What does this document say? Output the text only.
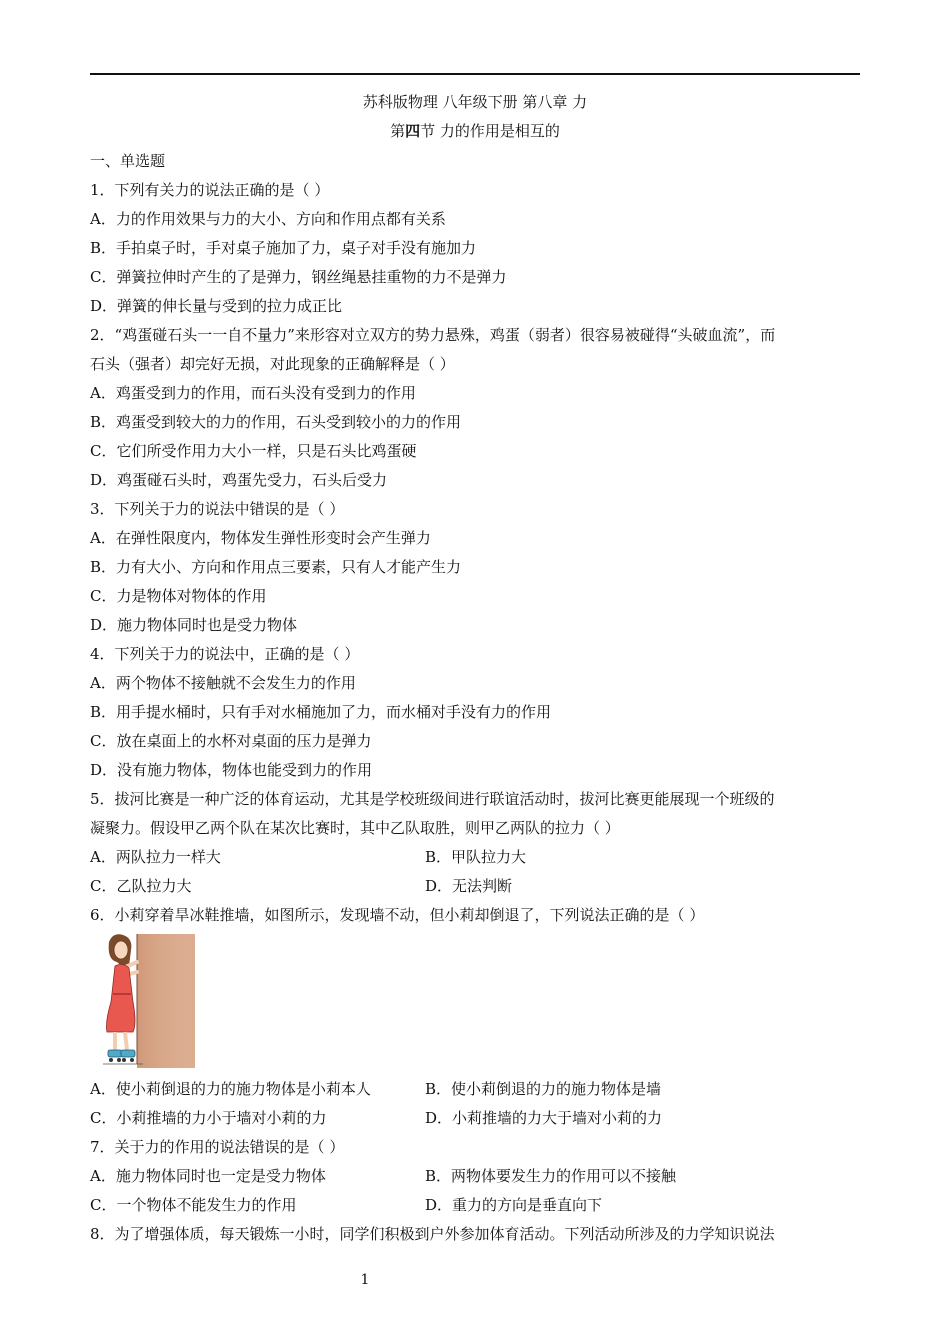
苏科版物理 八年级下册 第八章 力
第四节 力的作用是相互的
一、单选题
1．下列有关力的说法正确的是（ ）
A．力的作用效果与力的大小、方向和作用点都有关系
B．手拍桌子时，手对桌子施加了力，桌子对手没有施加力
C．弹簧拉伸时产生的了是弹力，钢丝绳悬挂重物的力不是弹力
D．弹簧的伸长量与受到的拉力成正比
2．“鸡蛋碰石头一一自不量力”来形容对立双方的势力悬殊，鸡蛋（弱者）很容易被碰得“头破血流”，而
石头（强者）却完好无损，对此现象的正确解释是（ ）
A．鸡蛋受到力的作用，而石头没有受到力的作用
B．鸡蛋受到较大的力的作用，石头受到较小的力的作用
C．它们所受作用力大小一样，只是石头比鸡蛋硬
D．鸡蛋碰石头时，鸡蛋先受力，石头后受力
3．下列关于力的说法中错误的是（ ）
A．在弹性限度内，物体发生弹性形变时会产生弹力
B．力有大小、方向和作用点三要素，只有人才能产生力
C．力是物体对物体的作用
D．施力物体同时也是受力物体
4．下列关于力的说法中，正确的是（ ）
A．两个物体不接触就不会发生力的作用
B．用手提水桶时，只有手对水桶施加了力，而水桶对手没有力的作用
C．放在桌面上的水杯对桌面的压力是弹力
D．没有施力物体，物体也能受到力的作用
5．拔河比赛是一种广泛的体育运动，尤其是学校班级间进行联谊活动时，拔河比赛更能展现一个班级的
凝聚力。假设甲乙两个队在某次比赛时，其中乙队取胜，则甲乙两队的拉力（ ）
A．两队拉力一样大	B．甲队拉力大
C．乙队拉力大	D．无法判断
6．小莉穿着旱冰鞋推墙，如图所示，发现墙不动，但小莉却倒退了，下列说法正确的是（ ）
A．使小莉倒退的力的施力物体是小莉本人	B．使小莉倒退的力的施力物体是墙
C．小莉推墙的力小于墙对小莉的力	D．小莉推墙的力大于墙对小莉的力
7．关于力的作用的说法错误的是（ ）
A．施力物体同时也一定是受力物体	B．两物体要发生力的作用可以不接触
C．一个物体不能发生力的作用	D．重力的方向是垂直向下
8．为了增强体质，每天锻炼一小时，同学们积极到户外参加体育活动。下列活动所涉及的力学知识说法
1
